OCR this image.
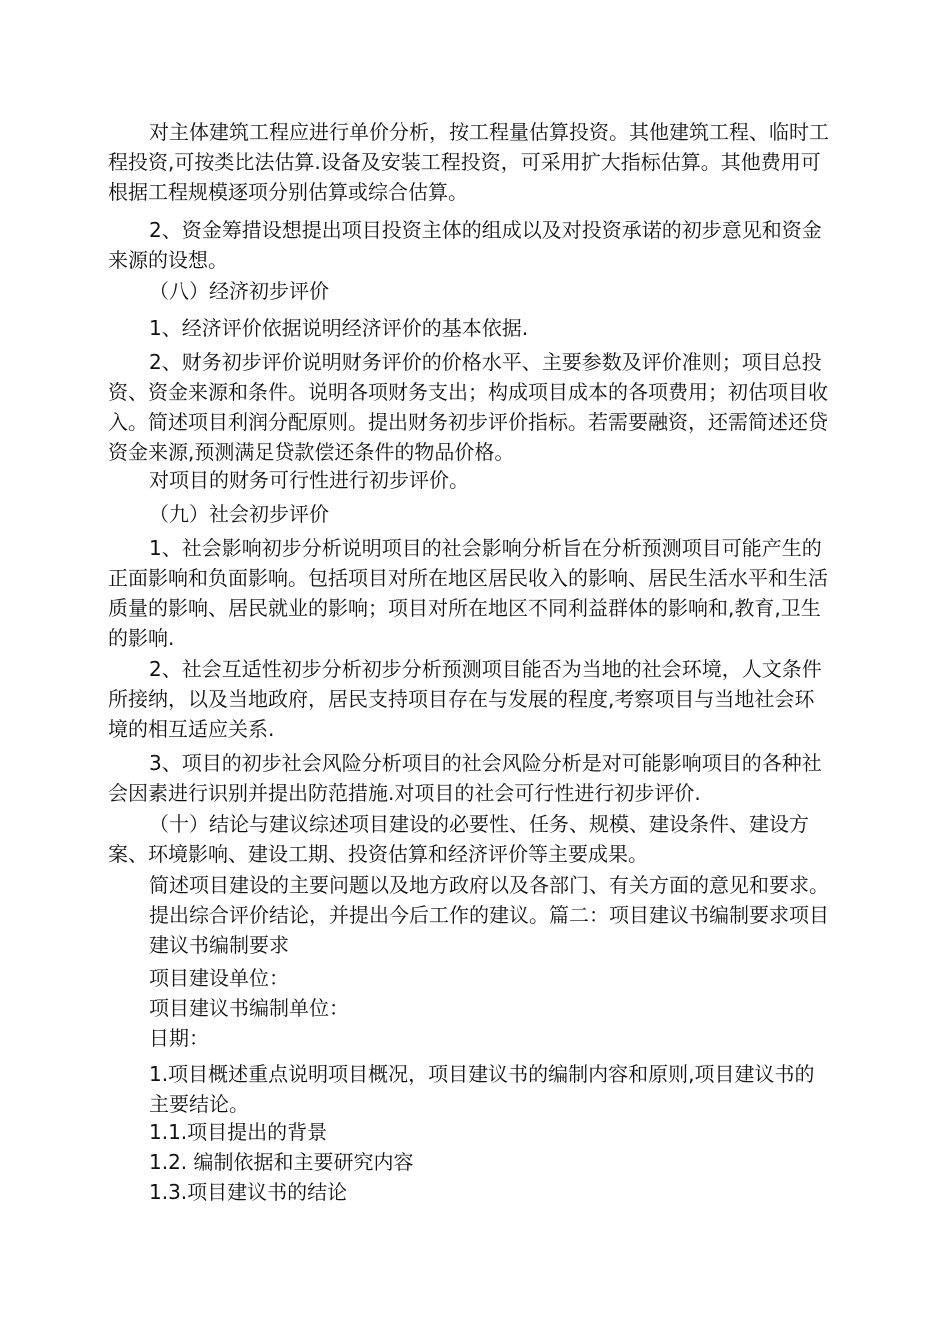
对主体建筑工程应进行单价分析，按工程量估算投资。其他建筑工程、临时工程投资,可按类比法估算.设备及安装工程投资，可采用扩大指标估算。其他费用可根据工程规模逐项分别估算或综合估算。

2、资金筹措设想提出项目投资主体的组成以及对投资承诺的初步意见和资金来源的设想。

（八）经济初步评价

1、经济评价依据说明经济评价的基本依据.

2、财务初步评价说明财务评价的价格水平、主要参数及评价准则；项目总投资、资金来源和条件。说明各项财务支出；构成项目成本的各项费用；初估项目收入。简述项目利润分配原则。提出财务初步评价指标。若需要融资，还需简述还贷资金来源,预测满足贷款偿还条件的物品价格。

对项目的财务可行性进行初步评价。

（九）社会初步评价

1、社会影响初步分析说明项目的社会影响分析旨在分析预测项目可能产生的正面影响和负面影响。包括项目对所在地区居民收入的影响、居民生活水平和生活质量的影响、居民就业的影响；项目对所在地区不同利益群体的影响和,教育,卫生的影响.

2、社会互适性初步分析初步分析预测项目能否为当地的社会环境，人文条件所接纳，以及当地政府，居民支持项目存在与发展的程度,考察项目与当地社会环境的相互适应关系.

3、项目的初步社会风险分析项目的社会风险分析是对可能影响项目的各种社会因素进行识别并提出防范措施.对项目的社会可行性进行初步评价.

（十）结论与建议综述项目建设的必要性、任务、规模、建设条件、建设方案、环境影响、建设工期、投资估算和经济评价等主要成果。

简述项目建设的主要问题以及地方政府以及各部门、有关方面的意见和要求。提出综合评价结论，并提出今后工作的建议。篇二：项目建议书编制要求项目建议书编制要求

项目建设单位：

项目建议书编制单位：

日期：

1.项目概述重点说明项目概况，项目建议书的编制内容和原则,项目建议书的主要结论。

1.1.项目提出的背景

1.2. 编制依据和主要研究内容

1.3.项目建议书的结论
